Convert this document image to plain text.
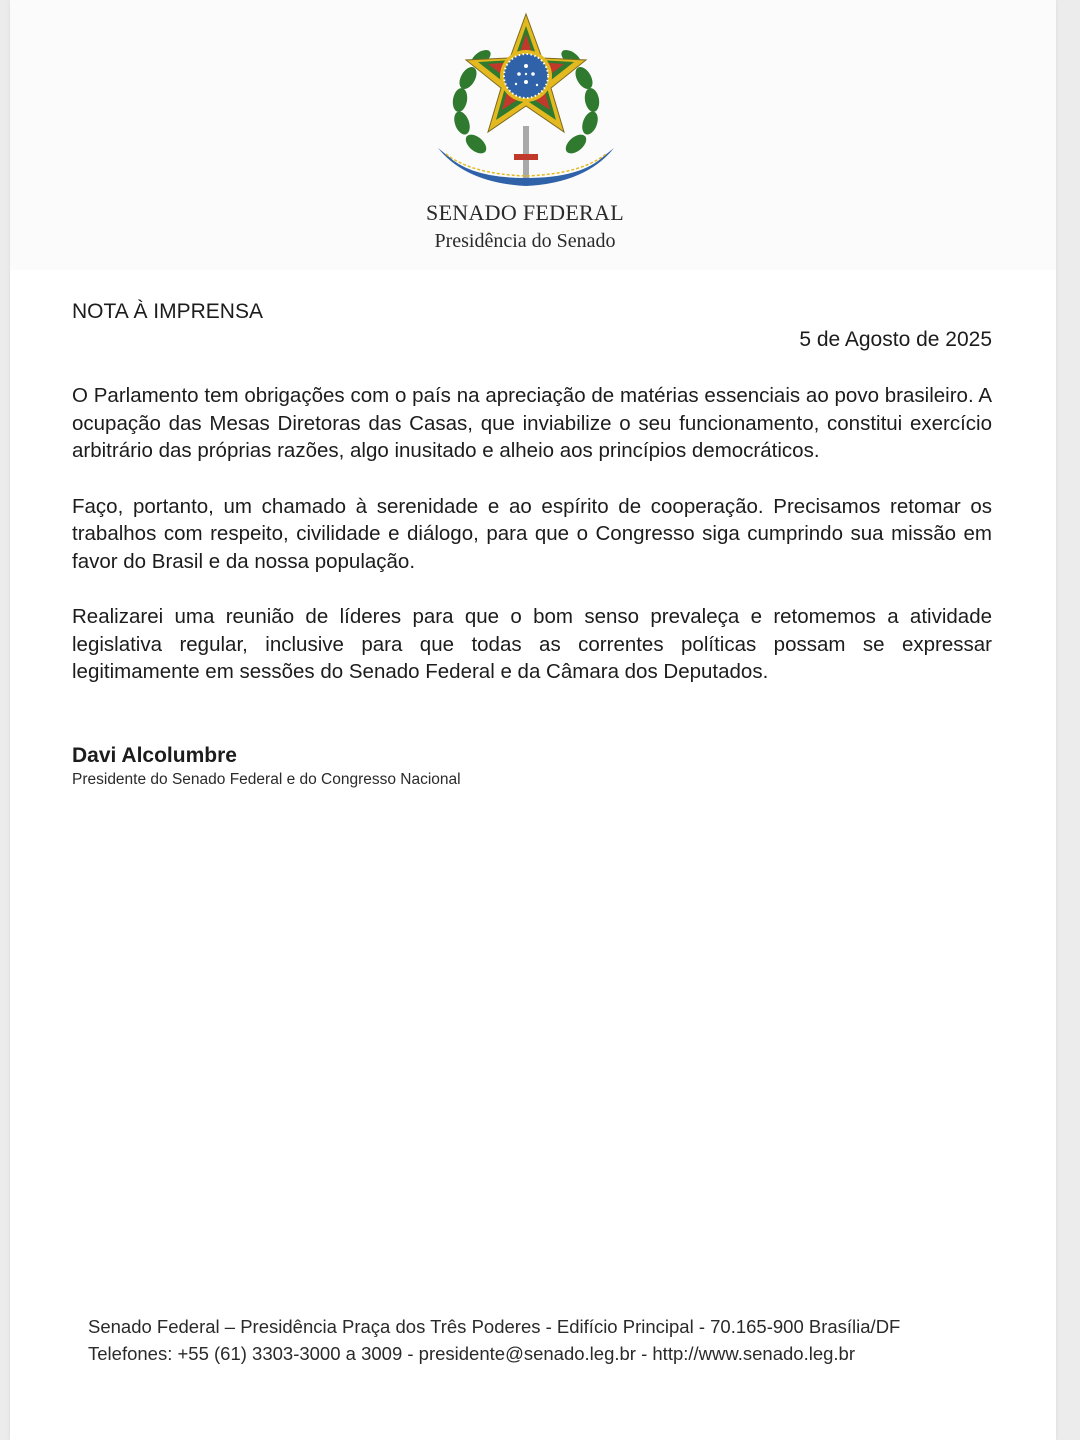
SENADO FEDERAL
Presidência do Senado
NOTA À IMPRENSA
5 de Agosto de 2025

O Parlamento tem obrigações com o país na apreciação de matérias essenciais ao povo brasileiro. A ocupação das Mesas Diretoras das Casas, que inviabilize o seu funcionamento, constitui exercício arbitrário das próprias razões, algo inusitado e alheio aos princípios democráticos.

Faço, portanto, um chamado à serenidade e ao espírito de cooperação. Precisamos retomar os trabalhos com respeito, civilidade e diálogo, para que o Congresso siga cumprindo sua missão em favor do Brasil e da nossa população.

Realizarei uma reunião de líderes para que o bom senso prevaleça e retomemos a atividade legislativa regular, inclusive para que todas as correntes políticas possam se expressar legitimamente em sessões do Senado Federal e da Câmara dos Deputados.

Davi Alcolumbre
Presidente do Senado Federal e do Congresso Nacional
Senado Federal – Presidência Praça dos Três Poderes - Edifício Principal - 70.165-900 Brasília/DF
Telefones: +55 (61) 3303-3000 a 3009 - presidente@senado.leg.br - http://www.senado.leg.br
